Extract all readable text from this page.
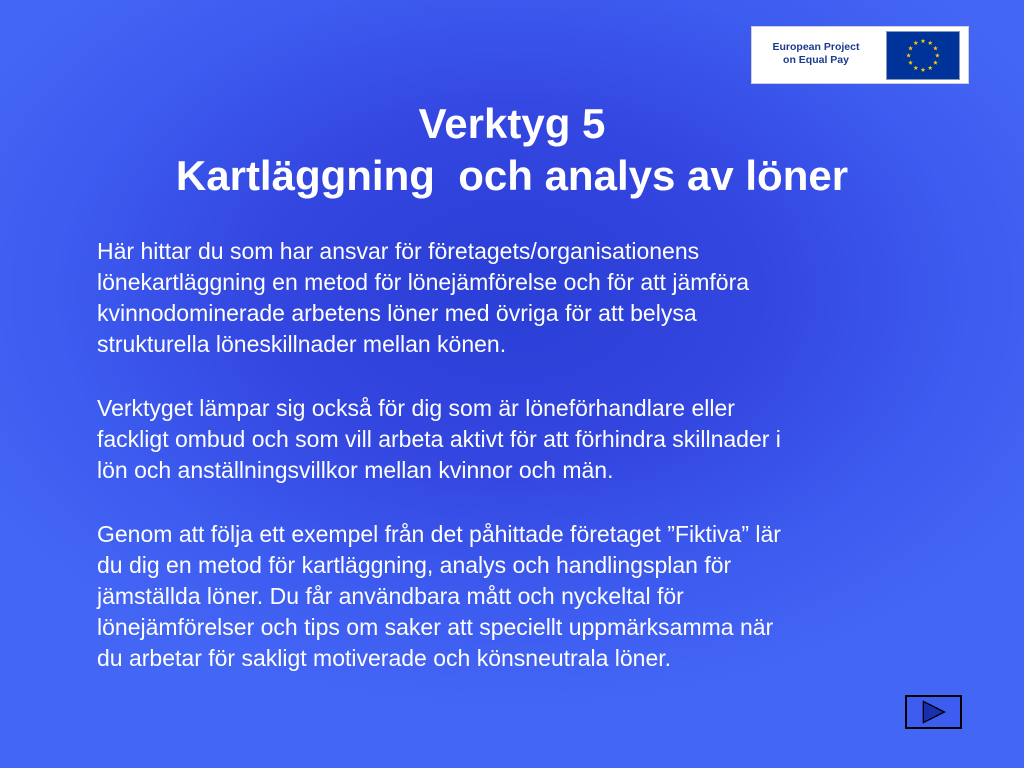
European Project
on Equal Pay
Verktyg 5
Kartläggning  och analys av löner

Här hittar du som har ansvar för företagets/organisationens
lönekartläggning en metod för lönejämförelse och för att jämföra
kvinnodominerade arbetens löner med övriga för att belysa
strukturella löneskillnader mellan könen.

Verktyget lämpar sig också för dig som är löneförhandlare eller
fackligt ombud och som vill arbeta aktivt för att förhindra skillnader i
lön och anställningsvillkor mellan kvinnor och män.

Genom att följa ett exempel från det påhittade företaget ”Fiktiva” lär
du dig en metod för kartläggning, analys och handlingsplan för
jämställda löner. Du får användbara mått och nyckeltal för
lönejämförelser och tips om saker att speciellt uppmärksamma när
du arbetar för sakligt motiverade och könsneutrala löner.
